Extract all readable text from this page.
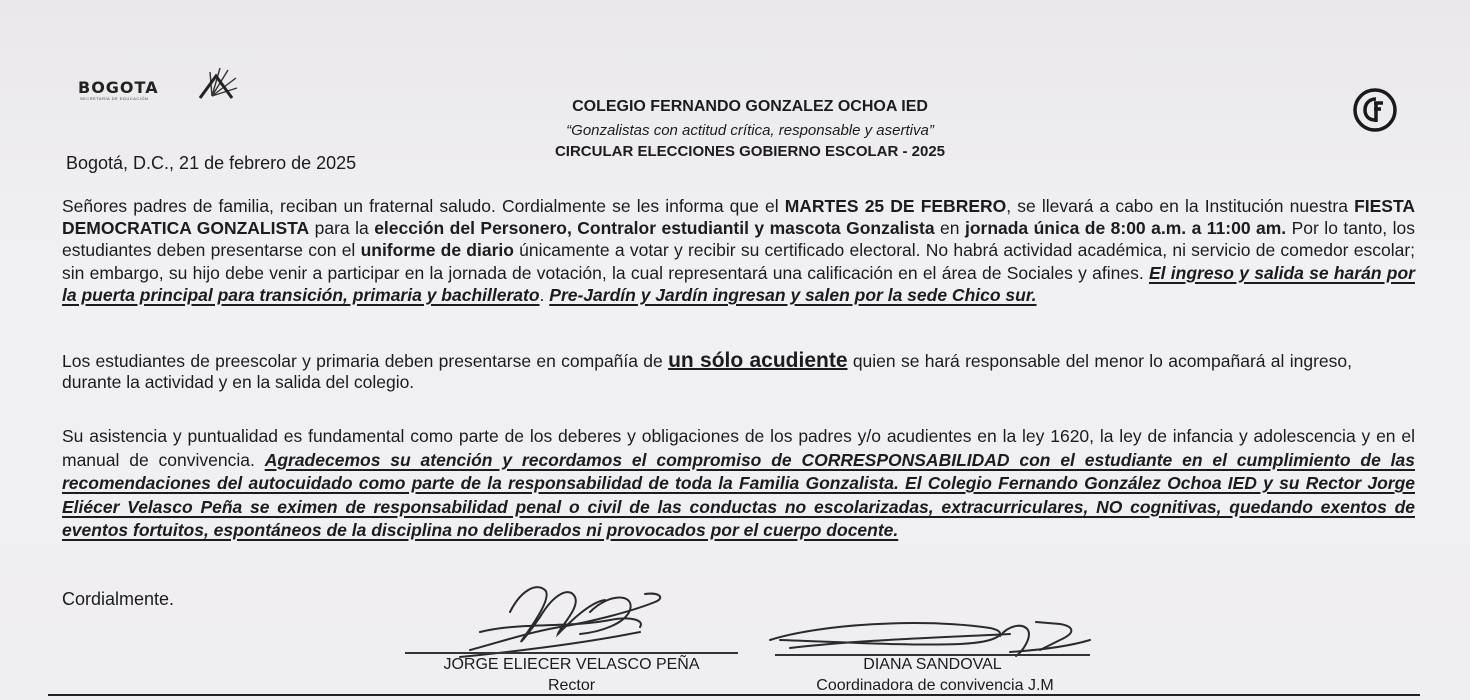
BOGOTA
SECRETARÍA DE EDUCACIÓN	COLEGIO FERNANDO GONZALEZ OCHOA IED
“Gonzalistas con actitud crítica, responsable y asertiva”
CIRCULAR ELECCIONES GOBIERNO ESCOLAR - 2025
Bogotá, D.C., 21 de febrero de 2025
Señores padres de familia, reciban un fraternal saludo. Cordialmente se les informa que el MARTES 25 DE FEBRERO, se llevará a cabo en la Institución nuestra FIESTA DEMOCRATICA GONZALISTA para la elección del Personero, Contralor estudiantil y mascota Gonzalista en jornada única de 8:00 a.m. a 11:00 am. Por lo tanto, los estudiantes deben presentarse con el uniforme de diario únicamente a votar y recibir su certificado electoral. No habrá actividad académica, ni servicio de comedor escolar; sin embargo, su hijo debe venir a participar en la jornada de votación, la cual representará una calificación en el área de Sociales y afines. El ingreso y salida se harán por la puerta principal para transición, primaria y bachillerato. Pre-Jardín y Jardín ingresan y salen por la sede Chico sur.
Los estudiantes de preescolar y primaria deben presentarse en compañía de un sólo acudiente quien se hará responsable del menor lo acompañará al ingreso, durante la actividad y en la salida del colegio.
Su asistencia y puntualidad es fundamental como parte de los deberes y obligaciones de los padres y/o acudientes en la ley 1620, la ley de infancia y adolescencia y en el manual de convivencia. Agradecemos su atención y recordamos el compromiso de CORRESPONSABILIDAD con el estudiante en el cumplimiento de las recomendaciones del autocuidado como parte de la responsabilidad de toda la Familia Gonzalista. El Colegio Fernando González Ochoa IED y su Rector Jorge Eliécer Velasco Peña se eximen de responsabilidad penal o civil de las conductas no escolarizadas, extracurriculares, NO cognitivas, quedando exentos de eventos fortuitos, espontáneos de la disciplina no deliberados ni provocados por el cuerpo docente.
Cordialmente.
JORGE ELIECER VELASCO PEÑA
Rector
DIANA SANDOVAL
Coordinadora de convivencia J.M
